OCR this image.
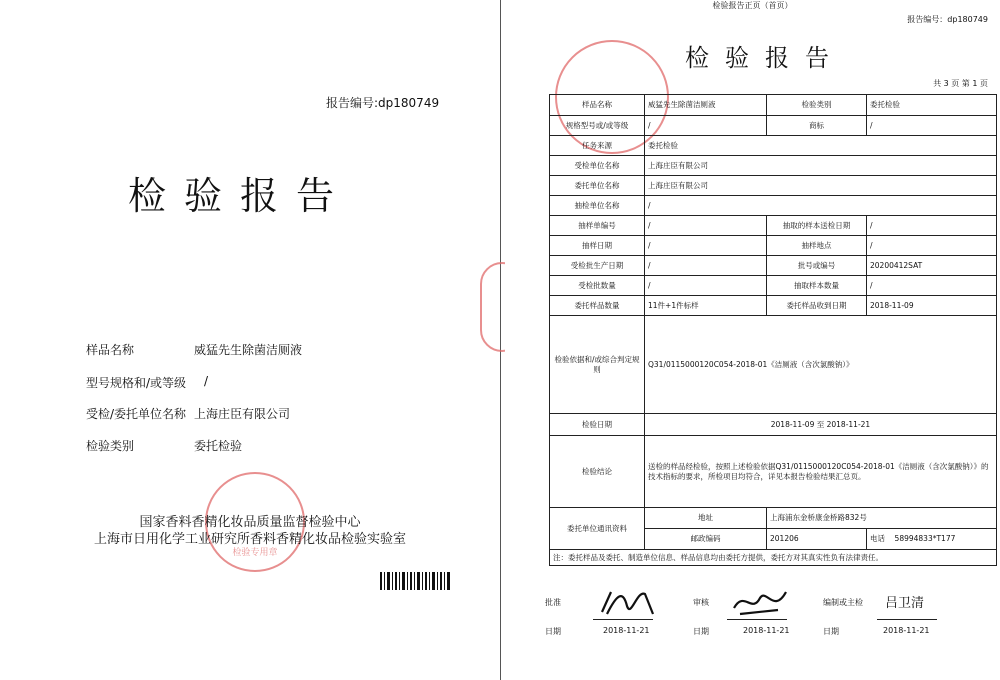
报告编号:dp180749
检验报告
样品名称	威猛先生除菌洁厕液
型号规格和/或等级 /
受检/委托单位名称 上海庄臣有限公司
检验类别	委托检验
检验专用章
国家香料香精化妆品质量监督检验中心
上海市日用化学工业研究所香料香精化妆品检验实验室
检验报告正页（首页）
报告编号：dp180749
检验报告
共 3 页 第 1 页
样品名称	威猛先生除菌洁厕液	检验类别	委托检验
规格型号或/或等级	/	商标	/
任务来源	委托检验		
受检单位名称	上海庄臣有限公司		
委托单位名称	上海庄臣有限公司		
抽检单位名称	/		
抽样单编号	/	抽取的样本送检日期	/
抽样日期	/	抽样地点	/
受检批生产日期	/	批号或编号	20200412SAT
受检批数量	/	抽取样本数量	/
委托样品数量	11件+1件标样	委托样品收到日期	2018-11-09
检验依据和/或综合判定规则	Q31/0115000120C054-2018-01《洁厕液（含次氯酸钠）》		
检验日期	2018-11-09 至 2018-11-21		
检验结论	送检的样品经检验，按照上述检验依据Q31/0115000120C054-2018-01《洁厕液（含次氯酸钠）》的技术指标的要求，所检项目均符合，详见本报告检验结果汇总页。		
委托单位通讯资料	地址	上海浦东金桥康金桥路832号	
	邮政编码	201206	电话 58994833*T177
注：委托样品及委托、制造单位信息、样品信息均由委托方提供，委托方对其真实性负有法律责任。			
批准	审核	编制或主检 吕卫清
日期	2018-11-21	日期	2018-11-21	日期	2018-11-21
